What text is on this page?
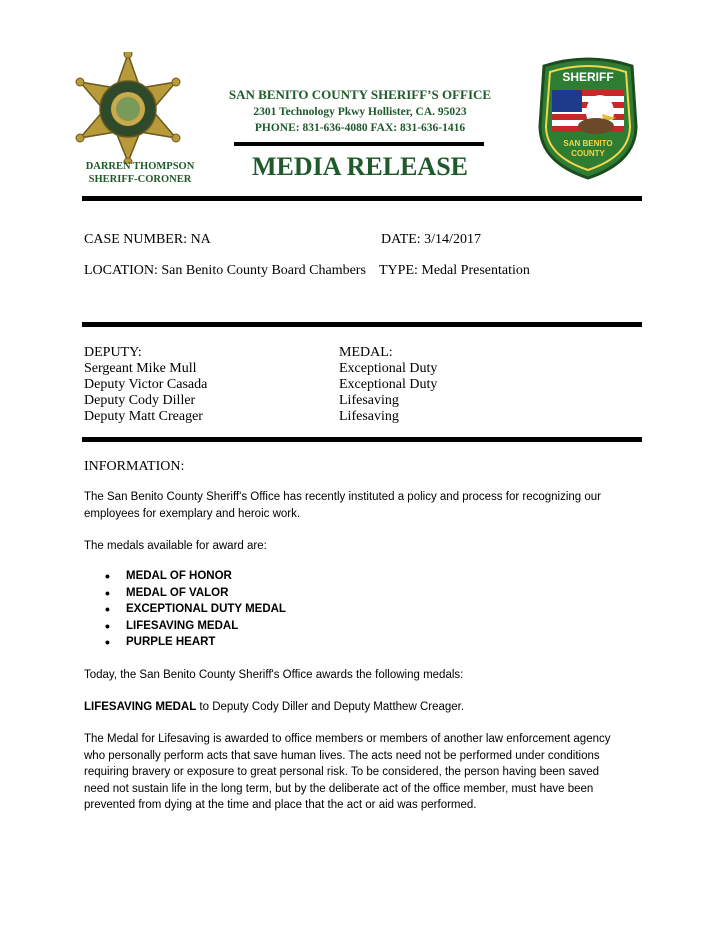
SHERIFF
SAN BENITO
COUNTY
SAN BENITO COUNTY SHERIFF’S OFFICE
2301 Technology Pkwy Hollister, CA. 95023
PHONE: 831-636-4080 FAX: 831-636-1416
MEDIA RELEASE
DARREN THOMPSON
SHERIFF-CORONER
CASE NUMBER: NA	DATE: 3/14/2017
LOCATION: San Benito County Board Chambers TYPE: Medal Presentation
DEPUTY:
Sergeant Mike Mull
Deputy Victor Casada
Deputy Cody Diller
Deputy Matt Creager
MEDAL:
Exceptional Duty
Exceptional Duty
Lifesaving
Lifesaving
INFORMATION:
The San Benito County Sheriff's Office has recently instituted a policy and process for recognizing our
employees for exemplary and heroic work.
The medals available for award are:
• MEDAL OF HONOR
• MEDAL OF VALOR
• EXCEPTIONAL DUTY MEDAL
• LIFESAVING MEDAL
• PURPLE HEART
Today, the San Benito County Sheriff's Office awards the following medals:
LIFESAVING MEDAL to Deputy Cody Diller and Deputy Matthew Creager.
The Medal for Lifesaving is awarded to office members or members of another law enforcement agency
who personally perform acts that save human lives. The acts need not be performed under conditions
requiring bravery or exposure to great personal risk. To be considered, the person having been saved
need not sustain life in the long term, but by the deliberate act of the office member, must have been
prevented from dying at the time and place that the act or aid was performed.
